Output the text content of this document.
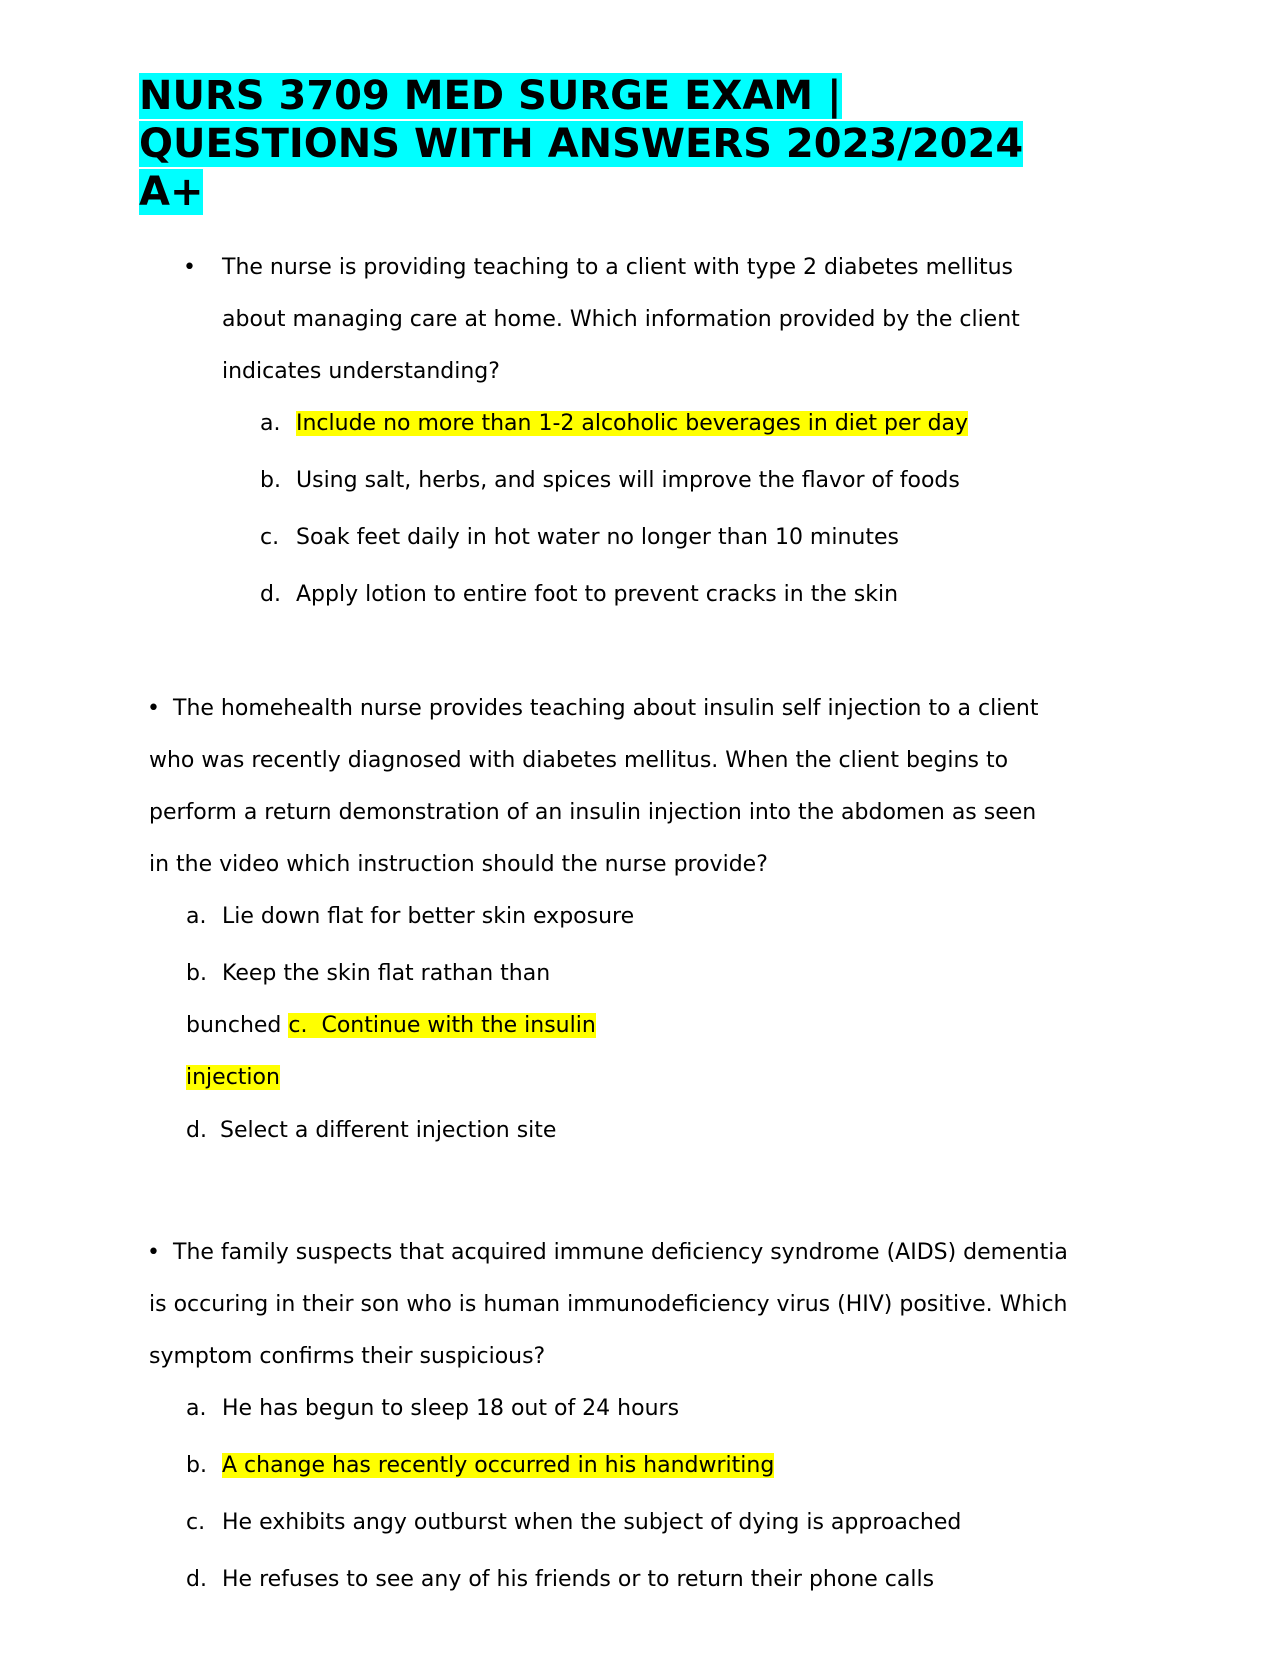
NURS 3709 MED SURGE EXAM |
QUESTIONS WITH ANSWERS 2023/2024
A+
• The nurse is providing teaching to a client with type 2 diabetes mellitus
about managing care at home. Which information provided by the client
indicates understanding?
a. Include no more than 1-2 alcoholic beverages in diet per day
b. Using salt, herbs, and spices will improve the flavor of foods
c. Soak feet daily in hot water no longer than 10 minutes
d. Apply lotion to entire foot to prevent cracks in the skin
• The homehealth nurse provides teaching about insulin self injection to a client
who was recently diagnosed with diabetes mellitus. When the client begins to
perform a return demonstration of an insulin injection into the abdomen as seen
in the video which instruction should the nurse provide?
a. Lie down flat for better skin exposure
b. Keep the skin flat rathan than
bunched c. Continue with the insulin
injection
d. Select a different injection site
• The family suspects that acquired immune deficiency syndrome (AIDS) dementia
is occuring in their son who is human immunodeficiency virus (HIV) positive. Which
symptom confirms their suspicious?
a. He has begun to sleep 18 out of 24 hours
b. A change has recently occurred in his handwriting
c. He exhibits angy outburst when the subject of dying is approached
d. He refuses to see any of his friends or to return their phone calls
